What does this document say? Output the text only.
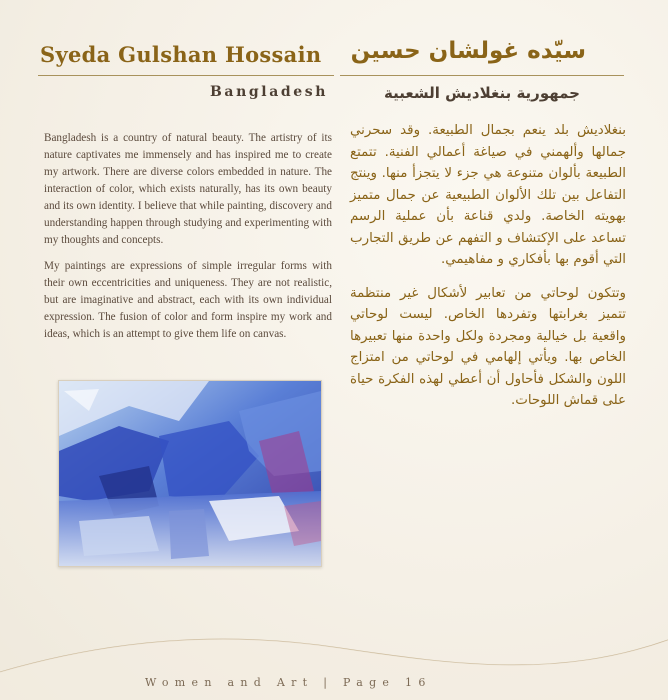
Syeda Gulshan Hossain سيّده غولشان حسين
Bangladesh	جمهورية بنغلاديش الشعبية

Bangladesh is a country of natural beauty. The artistry of its nature captivates me immensely and has inspired me to create my artwork. There are diverse colors embedded in nature. The interaction of color, which exists naturally, has its own beauty and its own identity. I believe that while painting, discovery and understanding happen through studying and experimenting with my thoughts and concepts.

My paintings are expressions of simple irregular forms with their own eccentricities and uniqueness. They are not realistic, but are imaginative and abstract, each with its own individual expression. The fusion of color and form inspire my work and ideas, which is an attempt to give them life on canvas.

بنغلاديش بلد ينعم بجمال الطبيعة. وقد سحرني جمالها وألهمني في صياغة أعمالي الفنية. تتمتع الطبيعة بألوان متنوعة هي جزء لا يتجزأ منها. وينتج التفاعل بين تلك الألوان الطبيعية عن جمال متميز بهويته الخاصة. ولدي قناعة بأن عملية الرسم تساعد على الإكتشاف و التفهم عن طريق التجارب التي أقوم بها بأفكاري و مفاهيمي.

وتتكون لوحاتي من تعابير لأشكال غير منتظمة تتميز بغرابتها وتفردها الخاص. ليست لوحاتي واقعية بل خيالية ومجردة ولكل واحدة منها تعبيرها الخاص بها. ويأتي إلهامي في لوحاتي من امتزاج اللون والشكل فأحاول أن أعطي لهذه الفكرة حياة على قماش اللوحات.

Women and Art | Page 16
